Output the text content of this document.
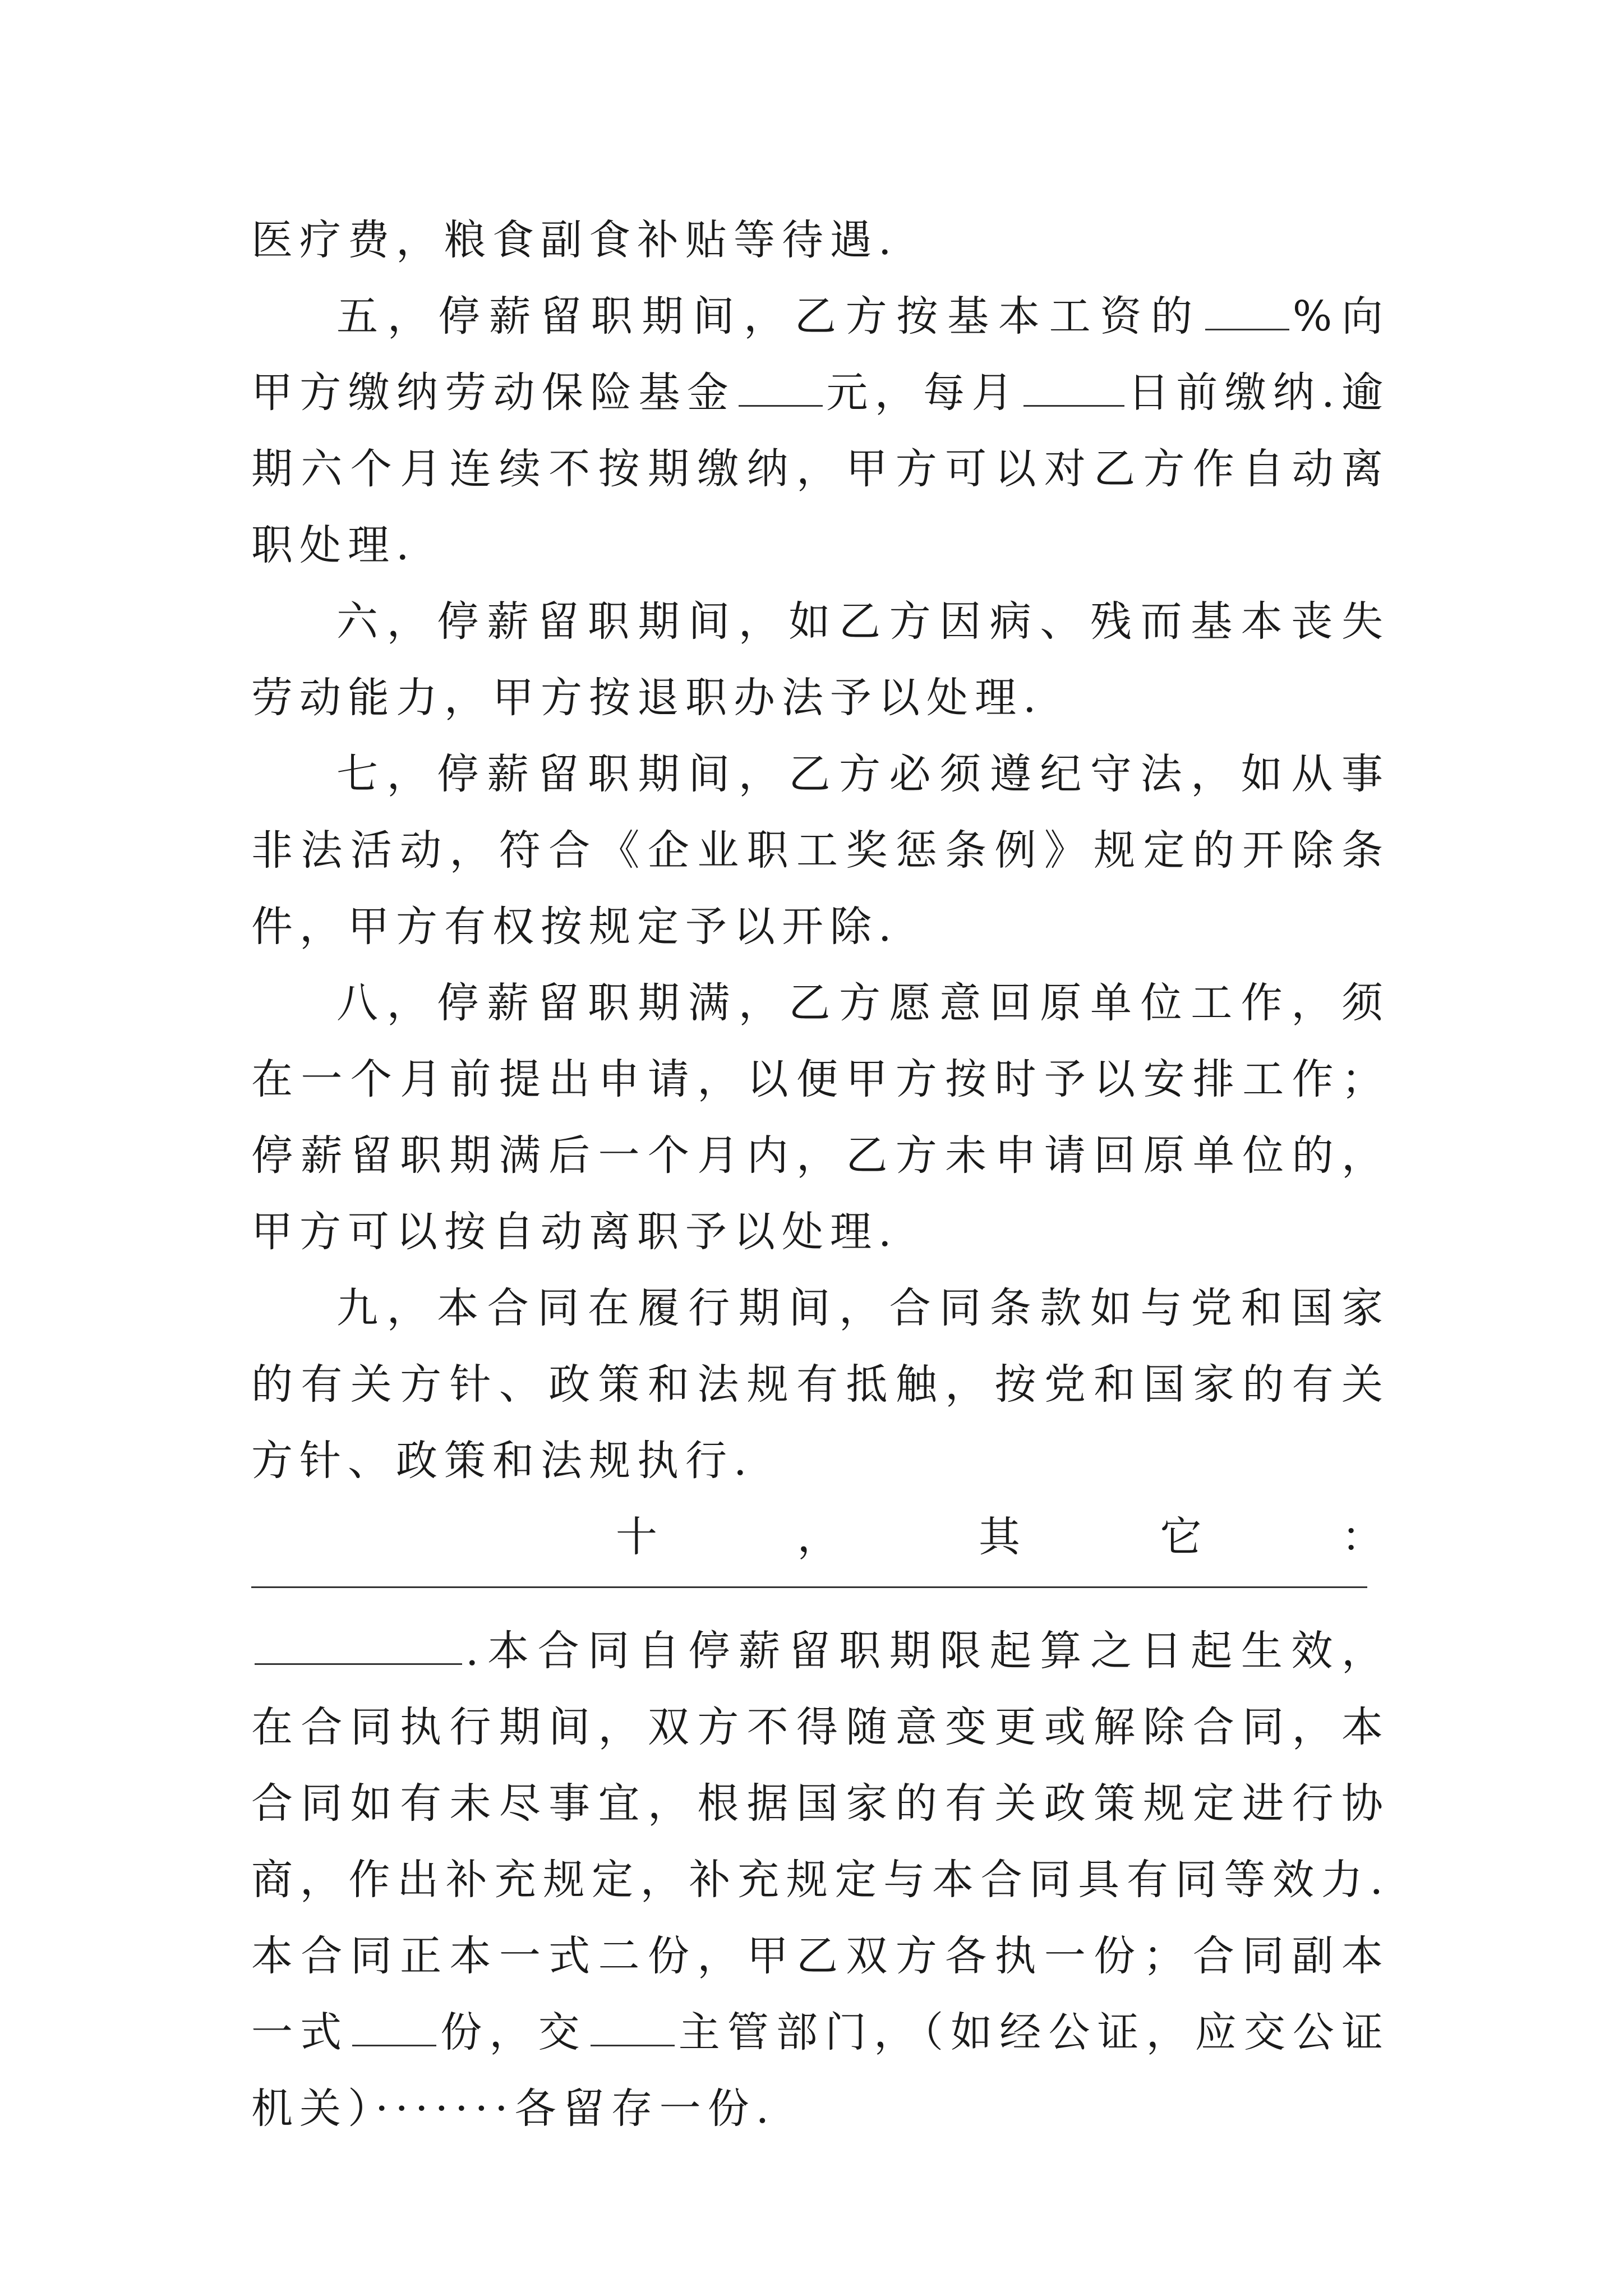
医疗费，粮食副食补贴等待遇.

五，停薪留职期间，乙方按基本工资的 %向甲方缴纳劳动保险基金 元，每月	日前缴纳.逾期六个月连续不按期缴纳，甲方可以对乙方作自动离职处理.

六，停薪留职期间，如乙方因病、残而基本丧失劳动能力，甲方按退职办法予以处理.

七，停薪留职期间，乙方必须遵纪守法，如从事非法活动，符合《企业职工奖惩条例》规定的开除条件，甲方有权按规定予以开除.

八，停薪留职期满，乙方愿意回原单位工作，须在一个月前提出申请，以便甲方按时予以安排工作；停薪留职期满后一个月内，乙方未申请回原单位的，甲方可以按自动离职予以处理.

九，本合同在履行期间，合同条款如与党和国家的有关方针、政策和法规有抵触，按党和国家的有关方针、政策和法规执行.

十	，	其	它	：

.本合同自停薪留职期限起算之日起生效，在合同执行期间，双方不得随意变更或解除合同，本合同如有未尽事宜，根据国家的有关政策规定进行协商，作出补充规定，补充规定与本合同具有同等效力.本合同正本一式二份，甲乙双方各执一份；合同副本一式 份，交 主管部门，（如经公证，应交公证机关）·······各留存一份.
